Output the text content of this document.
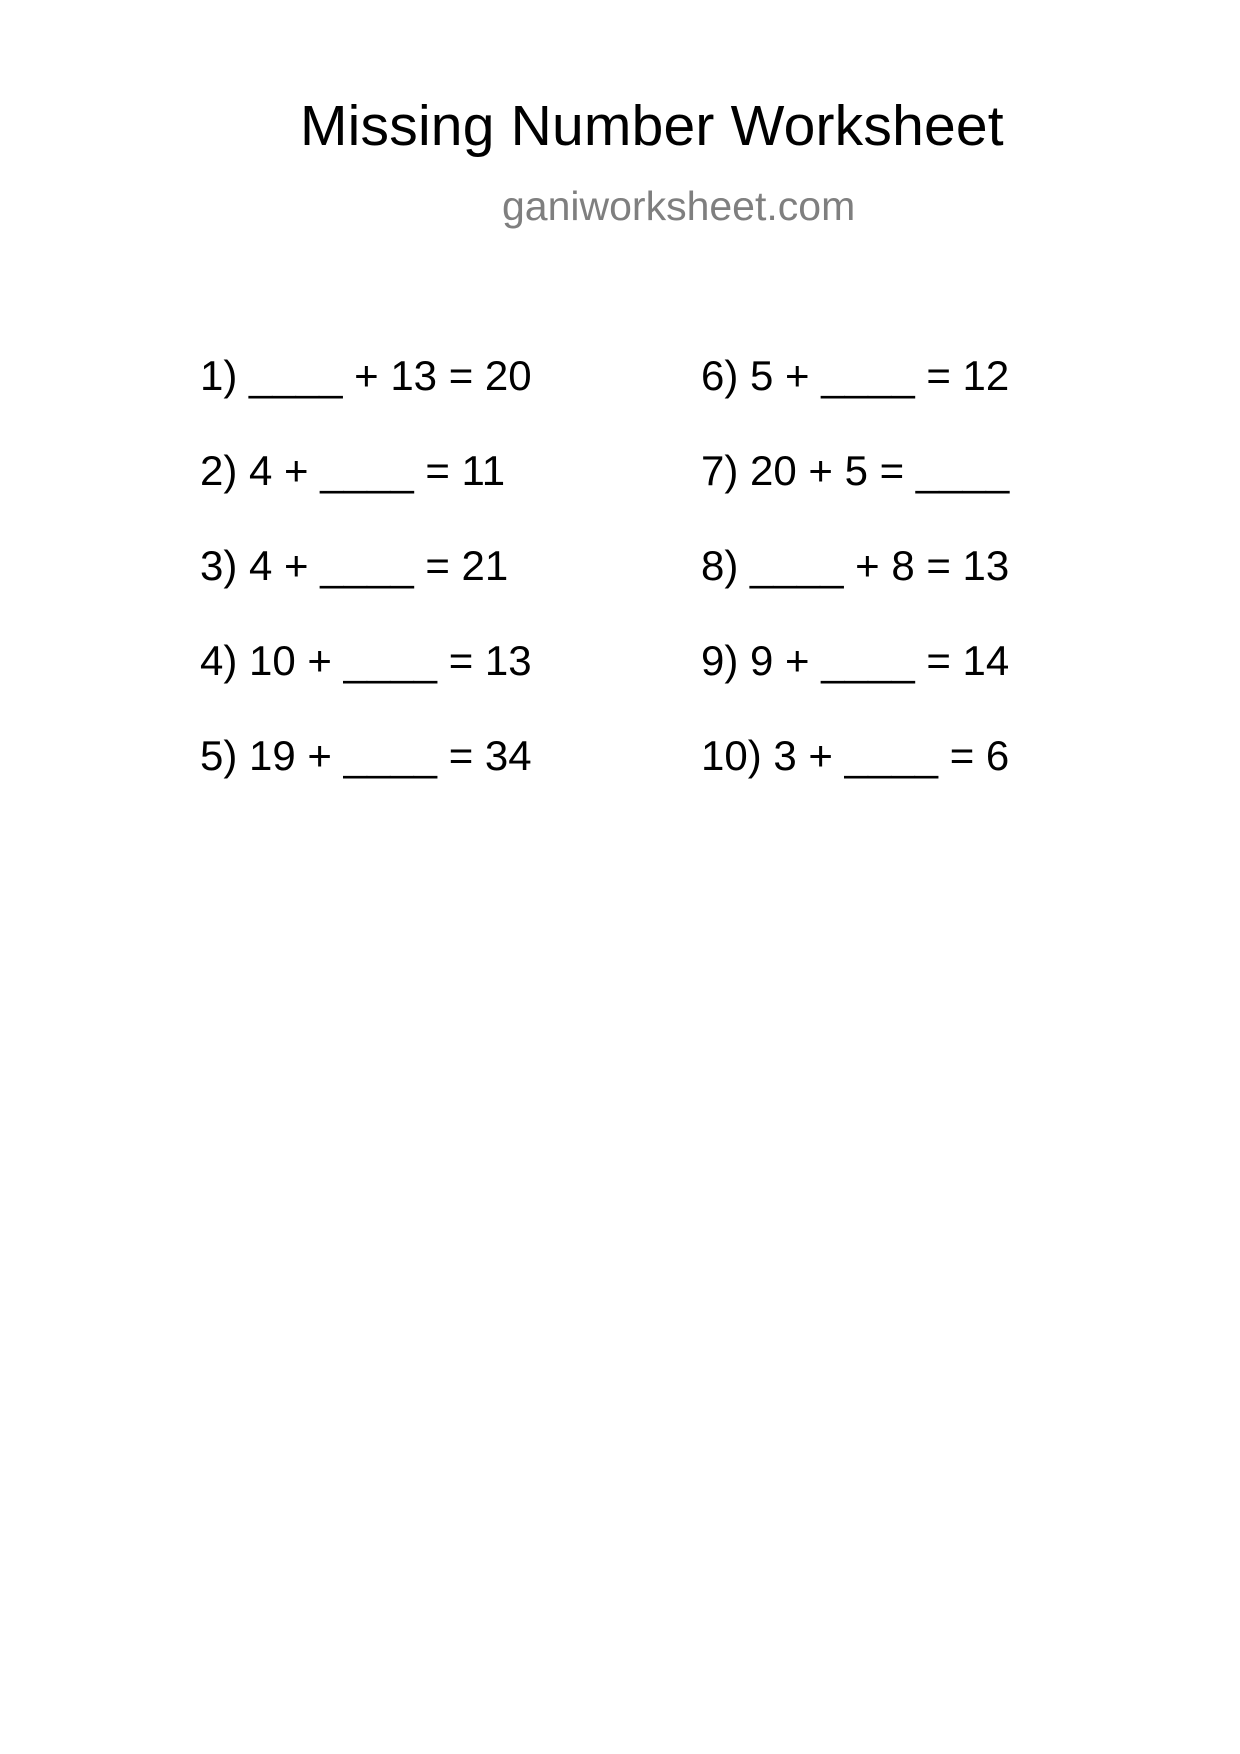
Missing Number Worksheet
ganiworksheet.com
1) ____ + 13 = 20
2) 4 + ____ = 11
3) 4 + ____ = 21
4) 10 + ____ = 13
5) 19 + ____ = 34
6) 5 + ____ = 12
7) 20 + 5 = ____
8) ____ + 8 = 13
9) 9 + ____ = 14
10) 3 + ____ = 6
